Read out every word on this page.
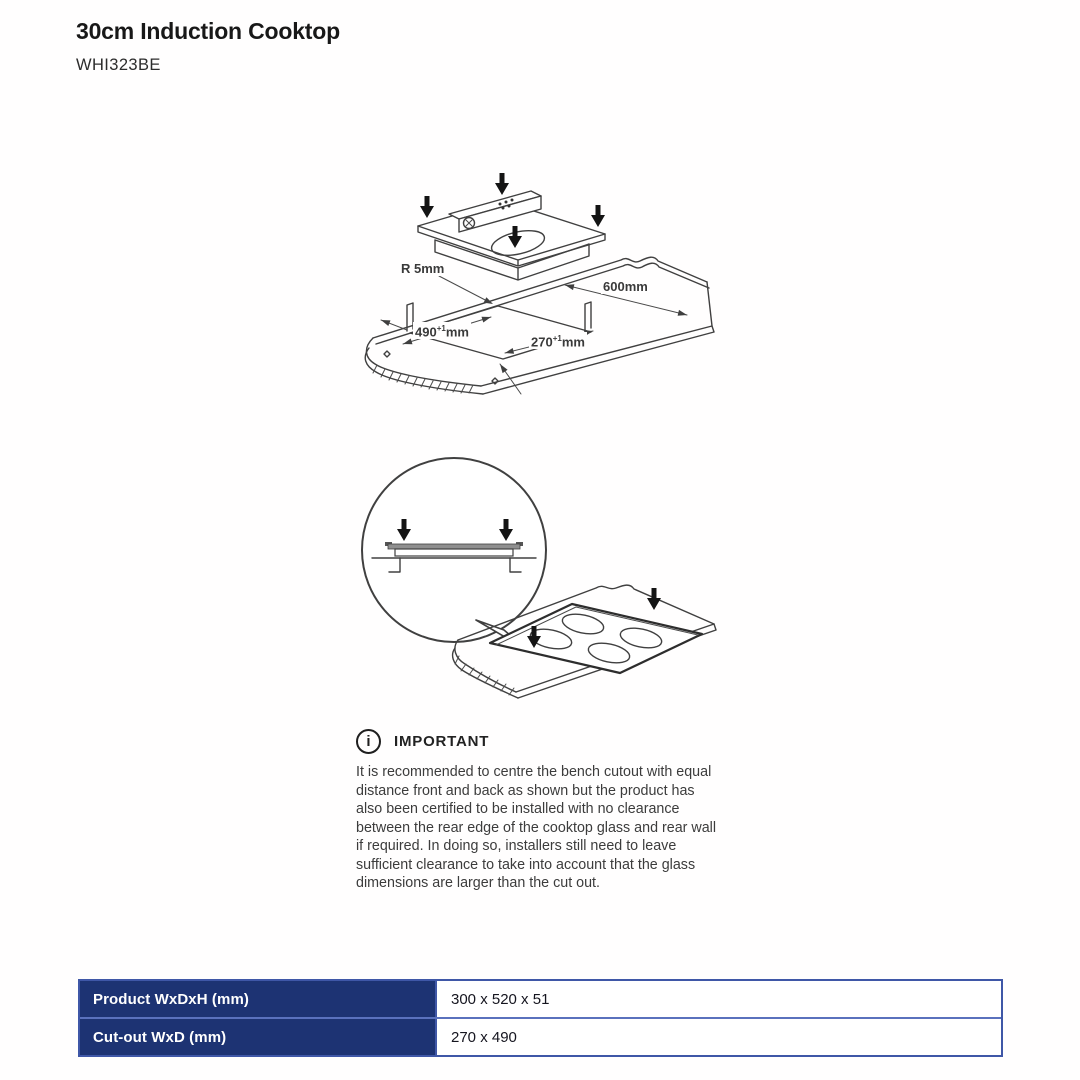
30cm Induction Cooktop
WHI323BE
R 5mm
600mm
$490^{+1}mm$
$270^{+1}mm$
i IMPORTANT
It is recommended to centre the bench cutout with equal distance front and back as shown but the product has also been certified to be installed with no clearance between the rear edge of the cooktop glass and rear wall if required. In doing so, installers still need to leave sufficient clearance to take into account that the glass dimensions are larger than the cut out.
Product WxDxH (mm)	300 x 520 x 51
Cut-out WxD (mm)	270 x 490
